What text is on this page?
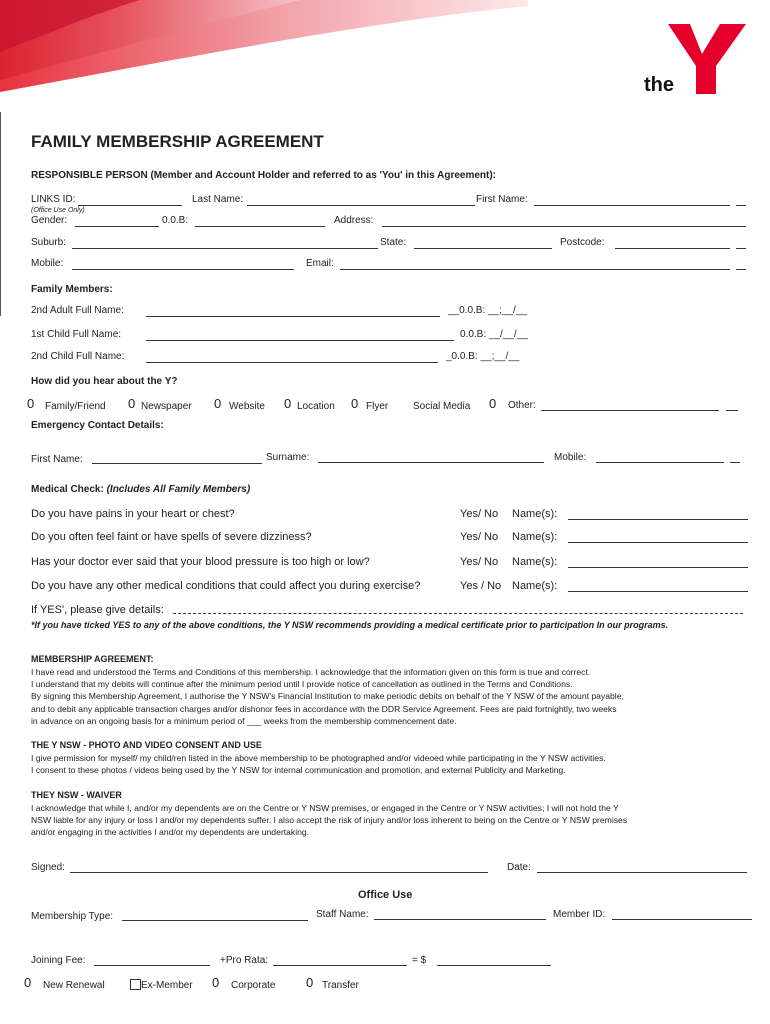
the
FAMILY MEMBERSHIP AGREEMENT
RESPONSIBLE PERSON (Member and Account Holder and referred to as 'You' in this Agreement):
LINKS ID:	Last Name:	First Name:
(Office Use Only)
Gender:	0.0.B:	Address:
Suburb:	State:	Postcode:
Mobile:	Email:
Family Members:
2nd Adult Full Name:	__0.0.B: __;__/__
1st Child Full Name:	0.0.B: __/__/__
2nd Child Full Name:	_0.0.B: __;__/__
How did you hear about the Y?
0 Family/Friend 0 Newspaper 0 Website 0 Location 0 Flyer Social Media 0 Other:
Emergency Contact Details:
First Name:	Surname:	Mobile:
Medical Check: (Includes All Family Members)
Do you have pains in your heart or chest?	Yes/ No Name(s):
Do you often feel faint or have spells of severe dizziness?	Yes/ No Name(s):
Has your doctor ever said that your blood pressure is too high or low?	Yes/ No Name(s):
Do you have any other medical conditions that could affect you during exercise?	Yes / No Name(s):
If YES', please give details:
*If you have ticked YES to any of the above conditions, the Y NSW recommends providing a medical certificate prior to participation In our programs.
MEMBERSHIP AGREEMENT:
I have read and understood the Terms and Conditions of this membership. I acknowledge that the information given on this form is true and correct.
I understand that my debits will continue after the minimum period until I provide notice of cancellation as outlined in the Terms and Conditions.
By signing this Membership Agreement, I authorise the Y NSW's Financial Institution to make periodic debits on behalf of the Y NSW of the amount payable,
and to debit any applicable transaction charges and/or dishonor fees in accordance with the DDR Service Agreement. Fees are paid fortnightly, two weeks
in advance on an ongoing basis for a minimum period of ___ weeks from the membership commencement date.
THE Y NSW - PHOTO AND VIDEO CONSENT AND USE
I give permission for myself/ my child/ren listed in the above membership to be photographed and/or videoed while participating in the Y NSW activities.
I consent to these photos / videos being used by the Y NSW for internal communication and promotion, and external Publicity and Marketing.
THEY NSW - WAIVER
I acknowledge that while I, and/or my dependents are on the Centre or Y NSW premises, or engaged in the Centre or Y NSW activities; I will not hold the Y
NSW liable for any injury or loss I and/or my dependents suffer. I also accept the risk of injury and/or loss inherent to being on the Centre or Y NSW premises
and/or engaging in the activities I and/or my dependents are undertaking.
Signed:	Date:
Office Use
Membership Type:	Staff Name:	Member ID:
Joining Fee:	+Pro Rata:	= $
0 New Renewal	Ex-Member 0 Corporate 0 Transfer
